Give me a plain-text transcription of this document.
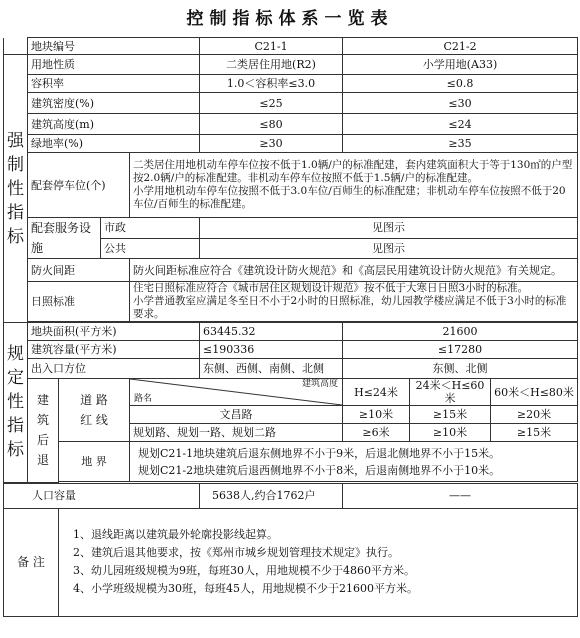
控制指标体系一览表
	地块编号				C21-1	C21-2		
强
制
性
指
标	用地性质				二类居住用地(R2)	小学用地(A33)		
	容积率				1.0＜容积率≤3.0	≤0.8		
	建筑密度(%)				≤25	≤30		
	建筑高度(m)				≤80	≤24		
	绿地率(%)				≥30	≥35		
	配套停车位(个)			二类居住用地机动车停车位按不低于1.0辆/户的标准配建，套内建筑面积大于等于130㎡的户型按2.0辆/户的标准配建。非机动车停车位按照不低于1.5辆/户的标准配建。
小学用地机动车停车位按照不低于3.0车位/百师生的标准配建；非机动车停车位按照不低于20车位/百师生的标准配建。				

	配套服务设施		市政		见图示			
			公共		见图示			
	防火间距			防火间距标准应符合《建筑设计防火规范》和《高层民用建筑设计防火规范》有关规定。				
	日照标准			住宅日照标准应符合《城市居住区规划设计规范》按不低于大寒日日照3小时的标准。
小学普通教室应满足冬至日不小于2小时的日照标准，幼儿园教学楼应满足不低于3小时的标准要求。				

规
定
性
指
标	地块面积(平方米)				63445.32	21600		
	建筑容量(平方米)				≤190336	≤17280		
	出入口方位				东侧、西侧、南侧、北侧	东侧、北侧		
	建
筑
后
退	道 路
红 线		建筑高度
路名		H≤24米	24米＜H≤60米	60米＜H≤80米
				文昌路		≥10米	≥15米	≥20米
				规划路、规划一路、规划二路		≥6米	≥10米	≥15米
		地 界		规划C21-1地块建筑后退东侧地界不小于9米，后退北侧地界不小于15米。
规划C21-2地块建筑后退西侧地界不小于8米，后退南侧地界不小于10米。				

人口容量					5638人,约合1762户	——		
备 注		1、退线距离以建筑最外轮廓投影线起算。
2、建筑后退其他要求，按《郑州市城乡规划管理技术规定》执行。
3、幼儿园班级规模为9班，每班30人，用地规模不少于4860平方米。
4、小学班级规模为30班，每班45人，用地规模不少于21600平方米。						
